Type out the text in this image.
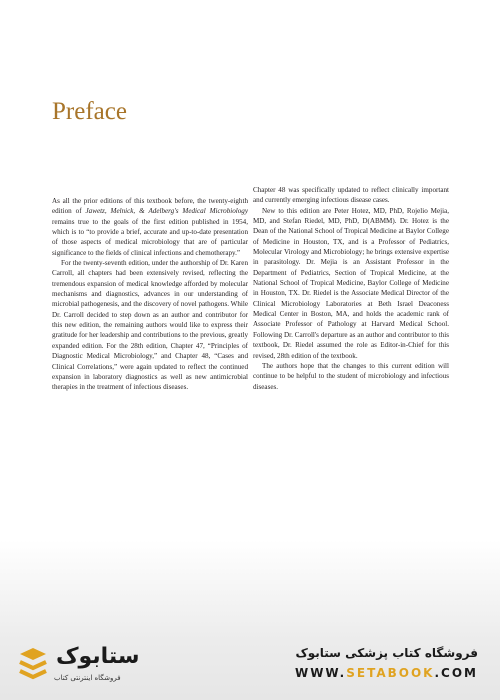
Preface

As all the prior editions of this textbook before, the twenty-eighth edition of Jawetz, Melnick, & Adelberg's Medical Microbiology remains true to the goals of the first edition published in 1954, which is to “to provide a brief, accurate and up-to-date presentation of those aspects of medical microbiology that are of particular significance to the fields of clinical infections and chemotherapy.”

For the twenty-seventh edition, under the authorship of Dr. Karen Carroll, all chapters had been extensively revised, reflecting the tremendous expansion of medical knowledge afforded by molecular mechanisms and diagnostics, advances in our understanding of microbial pathogenesis, and the discovery of novel pathogens. While Dr. Carroll decided to step down as an author and contributor for this new edition, the remaining authors would like to express their gratitude for her leadership and contributions to the previous, greatly expanded edition. For the 28th edition, Chapter 47, “Principles of Diagnostic Medical Microbiology,” and Chapter 48, “Cases and Clinical Correlations,” were again updated to reflect the continued expansion in laboratory diagnostics as well as new antimicrobial therapies in the treatment of infectious diseases.

Chapter 48 was specifically updated to reflect clinically important and currently emerging infectious disease cases.

New to this edition are Peter Hotez, MD, PhD, Rojelio Mejia, MD, and Stefan Riedel, MD, PhD, D(ABMM). Dr. Hotez is the Dean of the National School of Tropical Medicine at Baylor College of Medicine in Houston, TX, and is a Professor of Pediatrics, Molecular Virology and Microbiology; he brings extensive expertise in parasitology. Dr. Mejia is an Assistant Professor in the Department of Pediatrics, Section of Tropical Medicine, at the National School of Tropical Medicine, Baylor College of Medicine in Houston, TX. Dr. Riedel is the Associate Medical Director of the Clinical Microbiology Laboratories at Beth Israel Deaconess Medical Center in Boston, MA, and holds the academic rank of Associate Professor of Pathology at Harvard Medical School. Following Dr. Carroll's departure as an author and contributor to this textbook, Dr. Riedel assumed the role as Editor-in-Chief for this revised, 28th edition of the textbook.

The authors hope that the changes to this current edition will continue to be helpful to the student of microbiology and infectious diseases.

ستابوک
فروشگاه اینترنتی کتاب
فروشگاه کتاب پزشکی ستابوک
WWW.SETABOOK.COM
